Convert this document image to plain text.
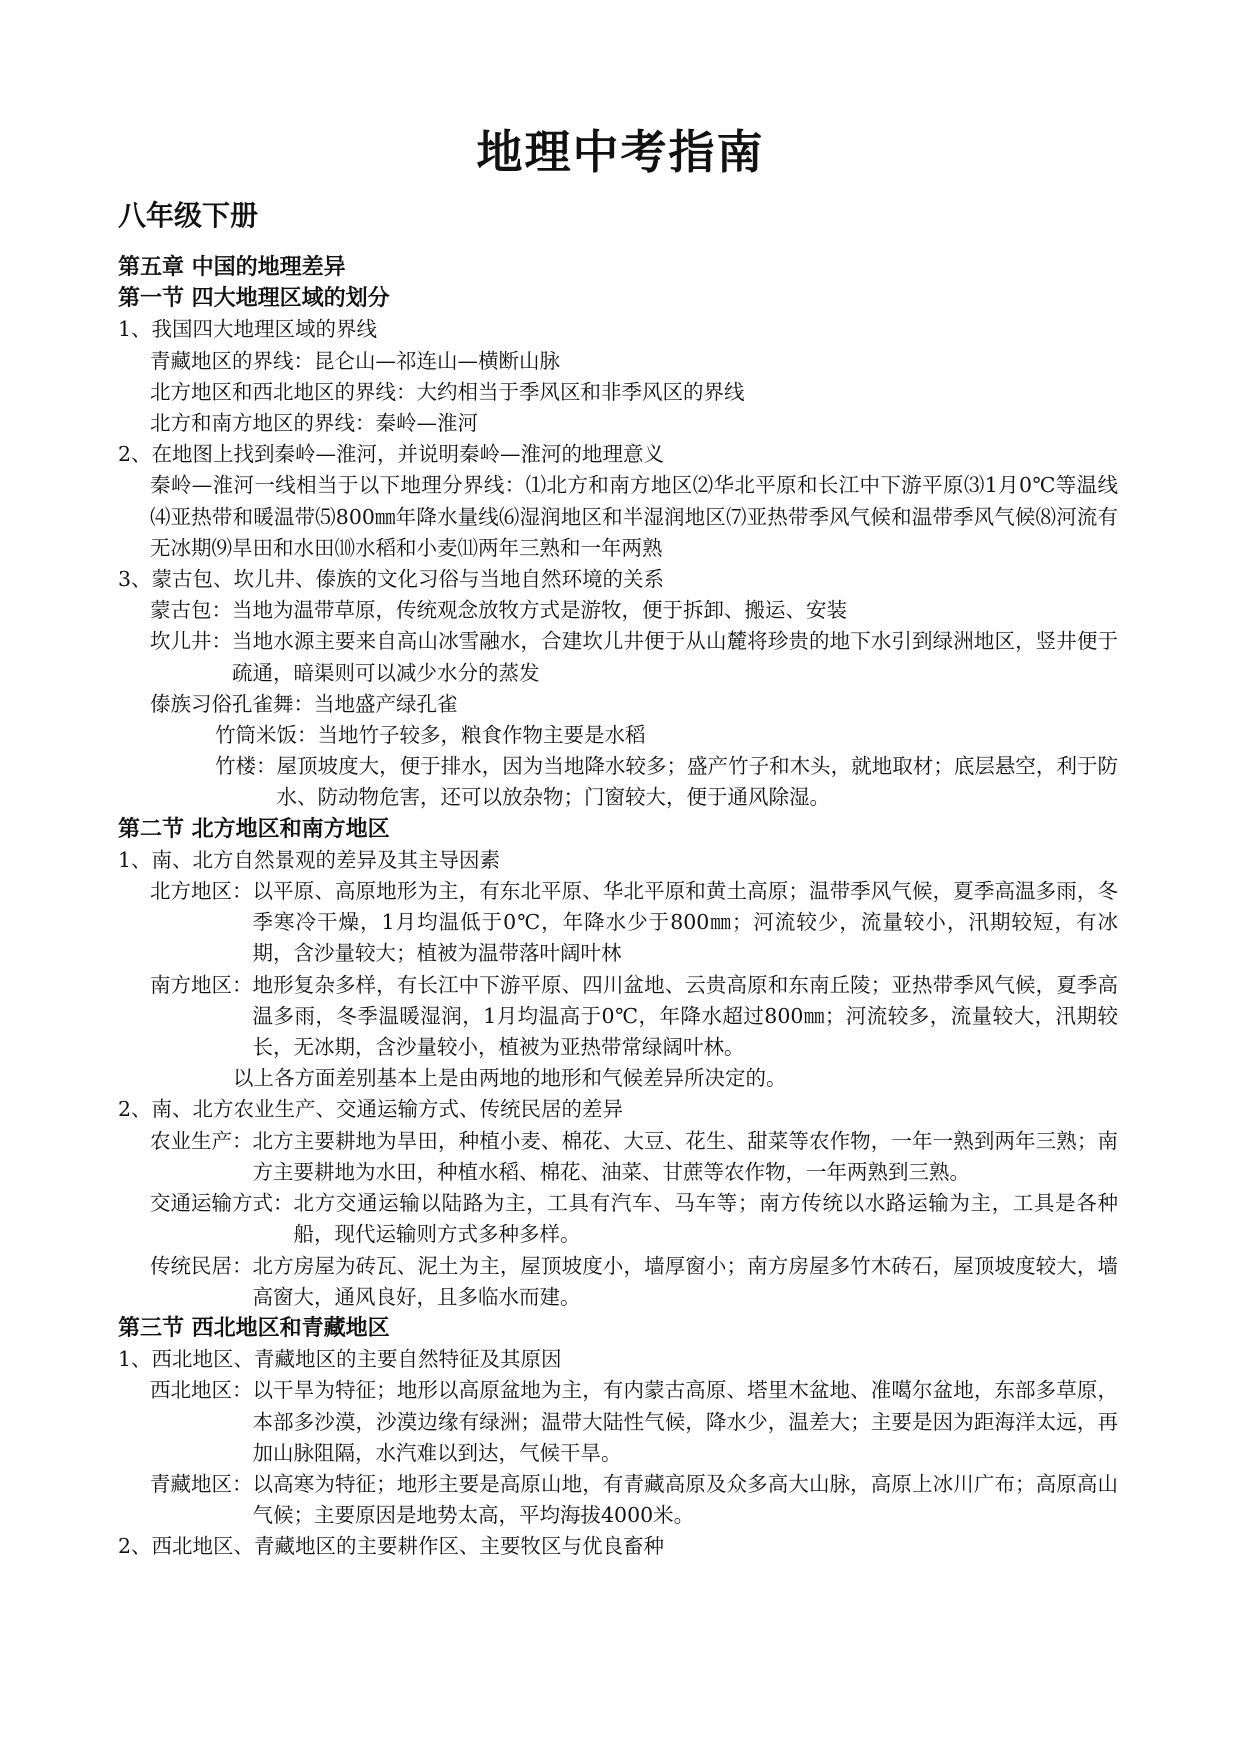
地理中考指南
八年级下册
第五章 中国的地理差异
第一节 四大地理区域的划分
1、我国四大地理区域的界线
青藏地区的界线：昆仑山—祁连山—横断山脉
北方地区和西北地区的界线：大约相当于季风区和非季风区的界线
北方和南方地区的界线：秦岭—淮河
2、在地图上找到秦岭—淮河，并说明秦岭—淮河的地理意义
秦岭—淮河一线相当于以下地理分界线：⑴北方和南方地区⑵华北平原和长江中下游平原⑶1月0℃等温线⑷亚热带和暖温带⑸800㎜年降水量线⑹湿润地区和半湿润地区⑺亚热带季风气候和温带季风气候⑻河流有无冰期⑼旱田和水田⑽水稻和小麦⑾两年三熟和一年两熟
3、蒙古包、坎儿井、傣族的文化习俗与当地自然环境的关系
蒙古包： 当地为温带草原，传统观念放牧方式是游牧，便于拆卸、搬运、安装
坎儿井： 当地水源主要来自高山冰雪融水，合建坎儿井便于从山麓将珍贵的地下水引到绿洲地区，竖井便于疏通，暗渠则可以减少水分的蒸发
傣族习俗孔雀舞：当地盛产绿孔雀
竹筒米饭：当地竹子较多，粮食作物主要是水稻
竹楼： 屋顶坡度大，便于排水，因为当地降水较多；盛产竹子和木头，就地取材；底层悬空，利于防水、防动物危害，还可以放杂物；门窗较大，便于通风除湿。
第二节 北方地区和南方地区
1、南、北方自然景观的差异及其主导因素
北方地区： 以平原、高原地形为主，有东北平原、华北平原和黄土高原；温带季风气候，夏季高温多雨，冬季寒冷干燥，1月均温低于0℃，年降水少于800㎜；河流较少，流量较小，汛期较短，有冰期，含沙量较大；植被为温带落叶阔叶林
南方地区： 地形复杂多样，有长江中下游平原、四川盆地、云贵高原和东南丘陵；亚热带季风气候，夏季高温多雨，冬季温暖湿润，1月均温高于0℃，年降水超过800㎜；河流较多，流量较大，汛期较长，无冰期，含沙量较小，植被为亚热带常绿阔叶林。
以上各方面差别基本上是由两地的地形和气候差异所决定的。
2、南、北方农业生产、交通运输方式、传统民居的差异
农业生产： 北方主要耕地为旱田，种植小麦、棉花、大豆、花生、甜菜等农作物，一年一熟到两年三熟；南方主要耕地为水田，种植水稻、棉花、油菜、甘蔗等农作物，一年两熟到三熟。
交通运输方式： 北方交通运输以陆路为主，工具有汽车、马车等；南方传统以水路运输为主，工具是各种船，现代运输则方式多种多样。
传统民居： 北方房屋为砖瓦、泥土为主，屋顶坡度小，墙厚窗小；南方房屋多竹木砖石，屋顶坡度较大，墙高窗大，通风良好，且多临水而建。
第三节 西北地区和青藏地区
1、西北地区、青藏地区的主要自然特征及其原因
西北地区： 以干旱为特征；地形以高原盆地为主，有内蒙古高原、塔里木盆地、准噶尔盆地，东部多草原，本部多沙漠，沙漠边缘有绿洲；温带大陆性气候，降水少，温差大；主要是因为距海洋太远，再加山脉阻隔，水汽难以到达，气候干旱。
青藏地区： 以高寒为特征；地形主要是高原山地，有青藏高原及众多高大山脉，高原上冰川广布；高原高山气候；主要原因是地势太高，平均海拔4000米。
2、西北地区、青藏地区的主要耕作区、主要牧区与优良畜种
